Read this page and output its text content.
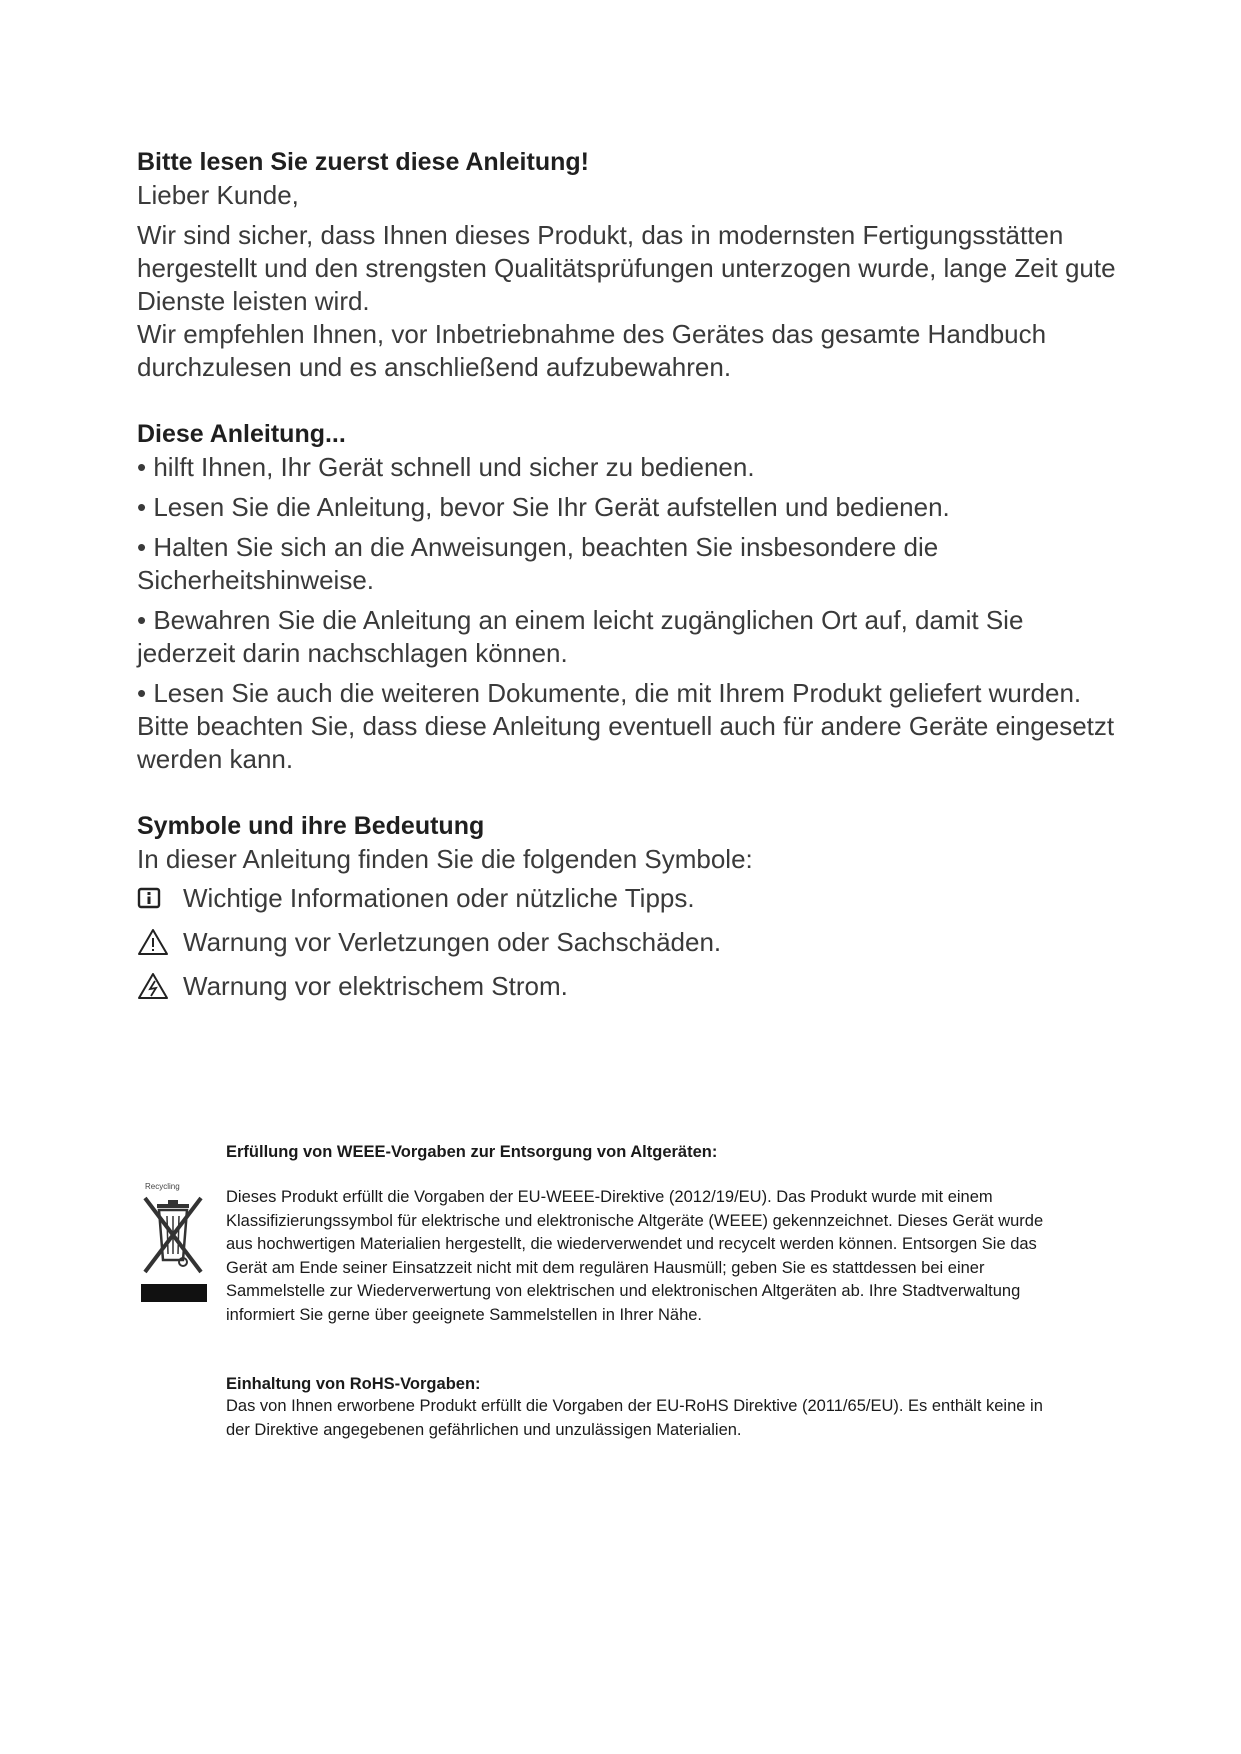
Bitte lesen Sie zuerst diese Anleitung!

Lieber Kunde,

Wir sind sicher, dass Ihnen dieses Produkt, das in modernsten Fertigungsstätten hergestellt und den strengsten Qualitätsprüfungen unterzogen wurde, lange Zeit gute Dienste leisten wird.

Wir empfehlen Ihnen, vor Inbetriebnahme des Gerätes das gesamte Handbuch durchzulesen und es anschließend aufzubewahren.

Diese Anleitung...

• hilft Ihnen, Ihr Gerät schnell und sicher zu bedienen.

• Lesen Sie die Anleitung, bevor Sie Ihr Gerät aufstellen und bedienen.

• Halten Sie sich an die Anweisungen, beachten Sie insbesondere die Sicherheitshinweise.

• Bewahren Sie die Anleitung an einem leicht zugänglichen Ort auf, damit Sie jederzeit darin nachschlagen können.

• Lesen Sie auch die weiteren Dokumente, die mit Ihrem Produkt geliefert wurden.

Bitte beachten Sie, dass diese Anleitung eventuell auch für andere Geräte eingesetzt werden kann.

Symbole und ihre Bedeutung

In dieser Anleitung finden Sie die folgenden Symbole:

Wichtige Informationen oder nützliche Tipps.
Warnung vor Verletzungen oder Sachschäden.
Warnung vor elektrischem Strom.
Recycling
Erfüllung von WEEE-Vorgaben zur Entsorgung von Altgeräten:

Dieses Produkt erfüllt die Vorgaben der EU-WEEE-Direktive (2012/19/EU). Das Produkt wurde mit einem Klassifizierungssymbol für elektrische und elektronische Altgeräte (WEEE) gekennzeichnet. Dieses Gerät wurde aus hochwertigen Materialien hergestellt, die wiederverwendet und recycelt werden können. Entsorgen Sie das Gerät am Ende seiner Einsatzzeit nicht mit dem regulären Hausmüll; geben Sie es stattdessen bei einer Sammelstelle zur Wiederverwertung von elektrischen und elektronischen Altgeräten ab. Ihre Stadtverwaltung informiert Sie gerne über geeignete Sammelstellen in Ihrer Nähe.

Einhaltung von RoHS-Vorgaben:

Das von Ihnen erworbene Produkt erfüllt die Vorgaben der EU-RoHS Direktive (2011/65/EU). Es enthält keine in der Direktive angegebenen gefährlichen und unzulässigen Materialien.
